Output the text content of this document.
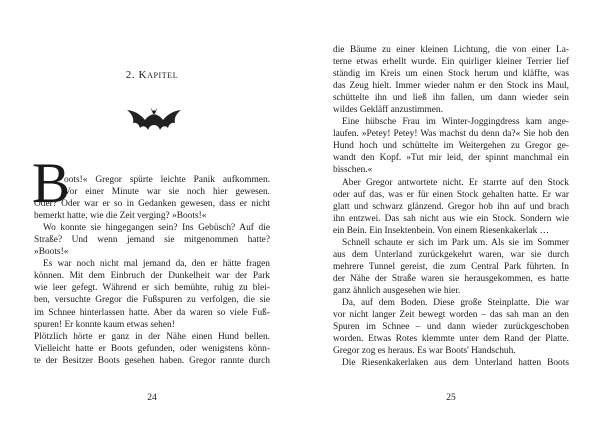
2. Kapitel
B
oots!« Gregor spürte leichte Panik aufkommen.
Vor einer Minute war sie noch hier gewesen.
Oder? Oder war er so in Gedanken gewesen, dass er nicht
bemerkt hatte, wie die Zeit verging? »Boots!«
Wo konnte sie hingegangen sein? Ins Gebüsch? Auf die
Straße? Und wenn jemand sie mitgenommen hatte?
»Boots!«
Es war noch nicht mal jemand da, den er hätte fragen
können. Mit dem Einbruch der Dunkelheit war der Park
wie leer gefegt. Während er sich bemühte, ruhig zu blei-
ben, versuchte Gregor die Fußspuren zu verfolgen, die sie
im Schnee hinterlassen hatte. Aber da waren so viele Fuß-
spuren! Er konnte kaum etwas sehen!
Plötzlich hörte er ganz in der Nähe einen Hund bellen.
Vielleicht hatte er Boots gefunden, oder wenigstens könn-
te der Besitzer Boots gesehen haben. Gregor rannte durch
24
die Bäume zu einer kleinen Lichtung, die von einer La-
terne etwas erhellt wurde. Ein quirliger kleiner Terrier lief
ständig im Kreis um einen Stock herum und kläffte, was
das Zeug hielt. Immer wieder nahm er den Stock ins Maul,
schüttelte ihn und ließ ihn fallen, um dann wieder sein
wildes Gekläff anzustimmen.
Eine hübsche Frau im Winter-Joggingdress kam ange-
laufen. »Petey! Petey! Was machst du denn da?« Sie hob den
Hund hoch und schüttelte im Weitergehen zu Gregor ge-
wandt den Kopf. »Tut mir leid, der spinnt manchmal ein
bisschen.«
Aber Gregor antwortete nicht. Er starrte auf den Stock
oder auf das, was er für einen Stock gehalten hatte. Er war
glatt und schwarz glänzend. Gregor hob ihn auf und brach
ihn entzwei. Das sah nicht aus wie ein Stock. Sondern wie
ein Bein. Ein Insektenbein. Von einem Riesenkakerlak …
Schnell schaute er sich im Park um. Als sie im Sommer
aus dem Unterland zurückgekehrt waren, war sie durch
mehrere Tunnel gereist, die zum Central Park führten. In
der Nähe der Straße waren sie herausgekommen, es hatte
ganz ähnlich ausgesehen wie hier.
Da, auf dem Boden. Diese große Steinplatte. Die war
vor nicht langer Zeit bewegt worden – das sah man an den
Spuren im Schnee – und dann wieder zurückgeschoben
worden. Etwas Rotes klemmte unter dem Rand der Platte.
Gregor zog es heraus. Es war Boots' Handschuh.
Die Riesenkakerlaken aus dem Unterland hatten Boots
25
